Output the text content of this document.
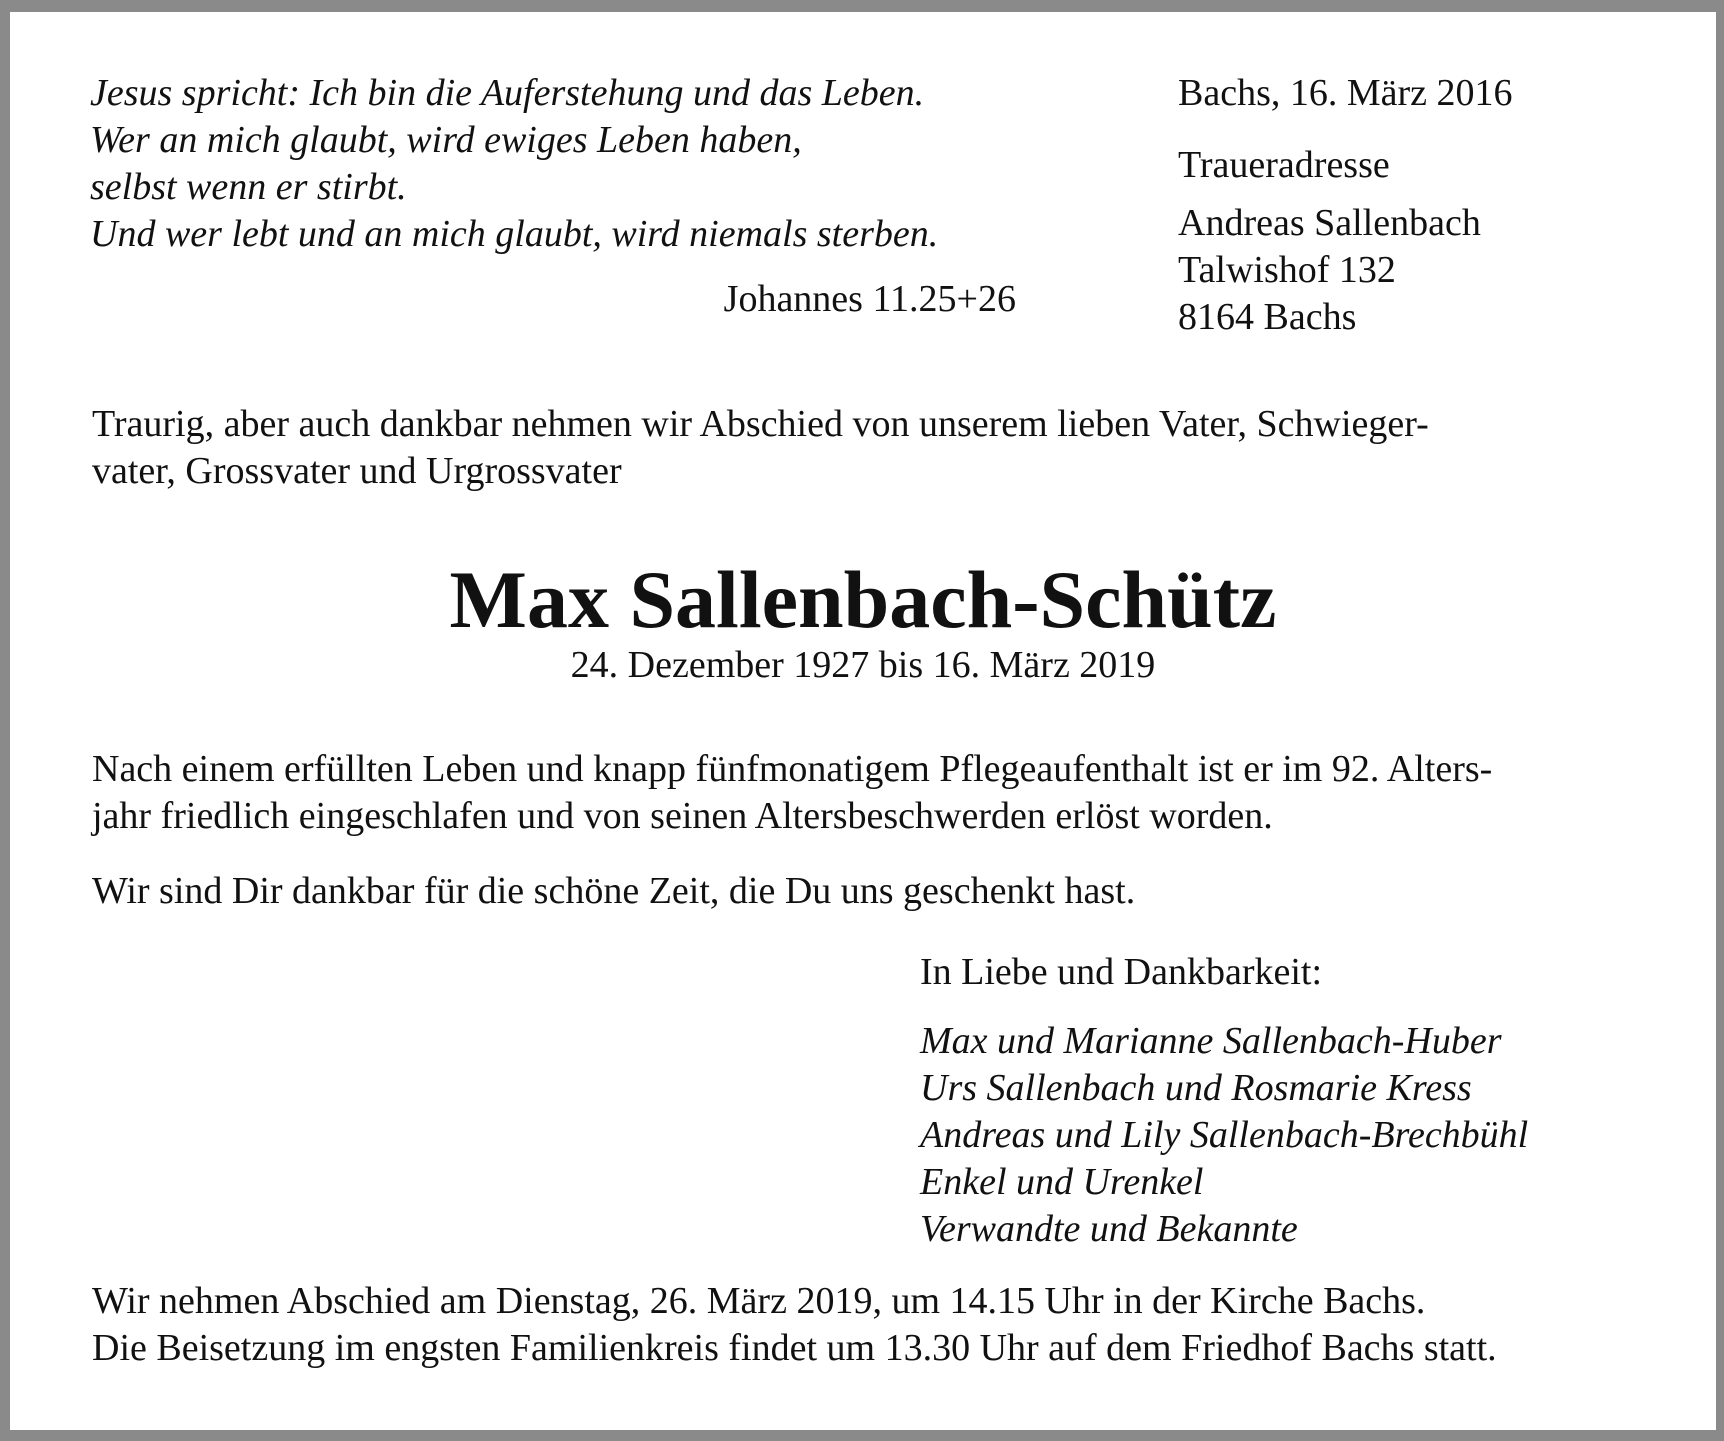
Jesus spricht: Ich bin die Auferstehung und das Leben.
Wer an mich glaubt, wird ewiges Leben haben,
selbst wenn er stirbt.
Und wer lebt und an mich glaubt, wird niemals sterben.
Johannes 11.25+26
Bachs, 16. März 2016
Traueradresse
Andreas Sallenbach
Talwishof 132
8164 Bachs
Traurig, aber auch dankbar nehmen wir Abschied von unserem lieben Vater, Schwieger-
vater, Grossvater und Urgrossvater
Max Sallenbach-Schütz
24. Dezember 1927 bis 16. März 2019
Nach einem erfüllten Leben und knapp fünfmonatigem Pflegeaufenthalt ist er im 92. Alters-
jahr friedlich eingeschlafen und von seinen Altersbeschwerden erlöst worden.
Wir sind Dir dankbar für die schöne Zeit, die Du uns geschenkt hast.
In Liebe und Dankbarkeit:
Max und Marianne Sallenbach-Huber
Urs Sallenbach und Rosmarie Kress
Andreas und Lily Sallenbach-Brechbühl
Enkel und Urenkel
Verwandte und Bekannte
Wir nehmen Abschied am Dienstag, 26. März 2019, um 14.15 Uhr in der Kirche Bachs.
Die Beisetzung im engsten Familienkreis findet um 13.30 Uhr auf dem Friedhof Bachs statt.
